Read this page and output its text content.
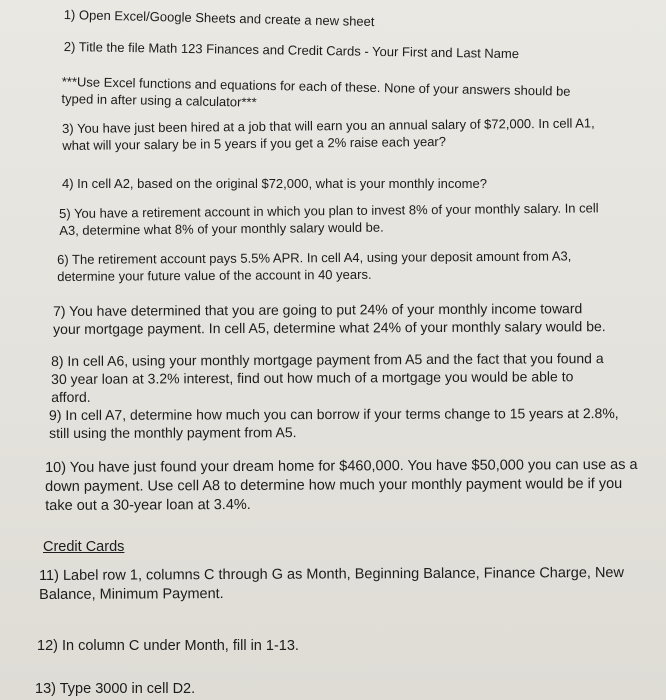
1) Open Excel/Google Sheets and create a new sheet

2) Title the file Math 123 Finances and Credit Cards - Your First and Last Name

***Use Excel functions and equations for each of these. None of your answers should be typed in after using a calculator***

3) You have just been hired at a job that will earn you an annual salary of $72,000. In cell A1, what will your salary be in 5 years if you get a 2% raise each year?

4) In cell A2, based on the original $72,000, what is your monthly income?

5) You have a retirement account in which you plan to invest 8% of your monthly salary. In cell A3, determine what 8% of your monthly salary would be.

6) The retirement account pays 5.5% APR. In cell A4, using your deposit amount from A3, determine your future value of the account in 40 years.

7) You have determined that you are going to put 24% of your monthly income toward your mortgage payment. In cell A5, determine what 24% of your monthly salary would be.

8) In cell A6, using your monthly mortgage payment from A5 and the fact that you found a 30 year loan at 3.2% interest, find out how much of a mortgage you would be able to afford.

9) In cell A7, determine how much you can borrow if your terms change to 15 years at 2.8%, still using the monthly payment from A5.

10) You have just found your dream home for $460,000. You have $50,000 you can use as a down payment. Use cell A8 to determine how much your monthly payment would be if you take out a 30-year loan at 3.4%.

Credit Cards

11) Label row 1, columns C through G as Month, Beginning Balance, Finance Charge, New Balance, Minimum Payment.

12) In column C under Month, fill in 1-13.

13) Type 3000 in cell D2.
